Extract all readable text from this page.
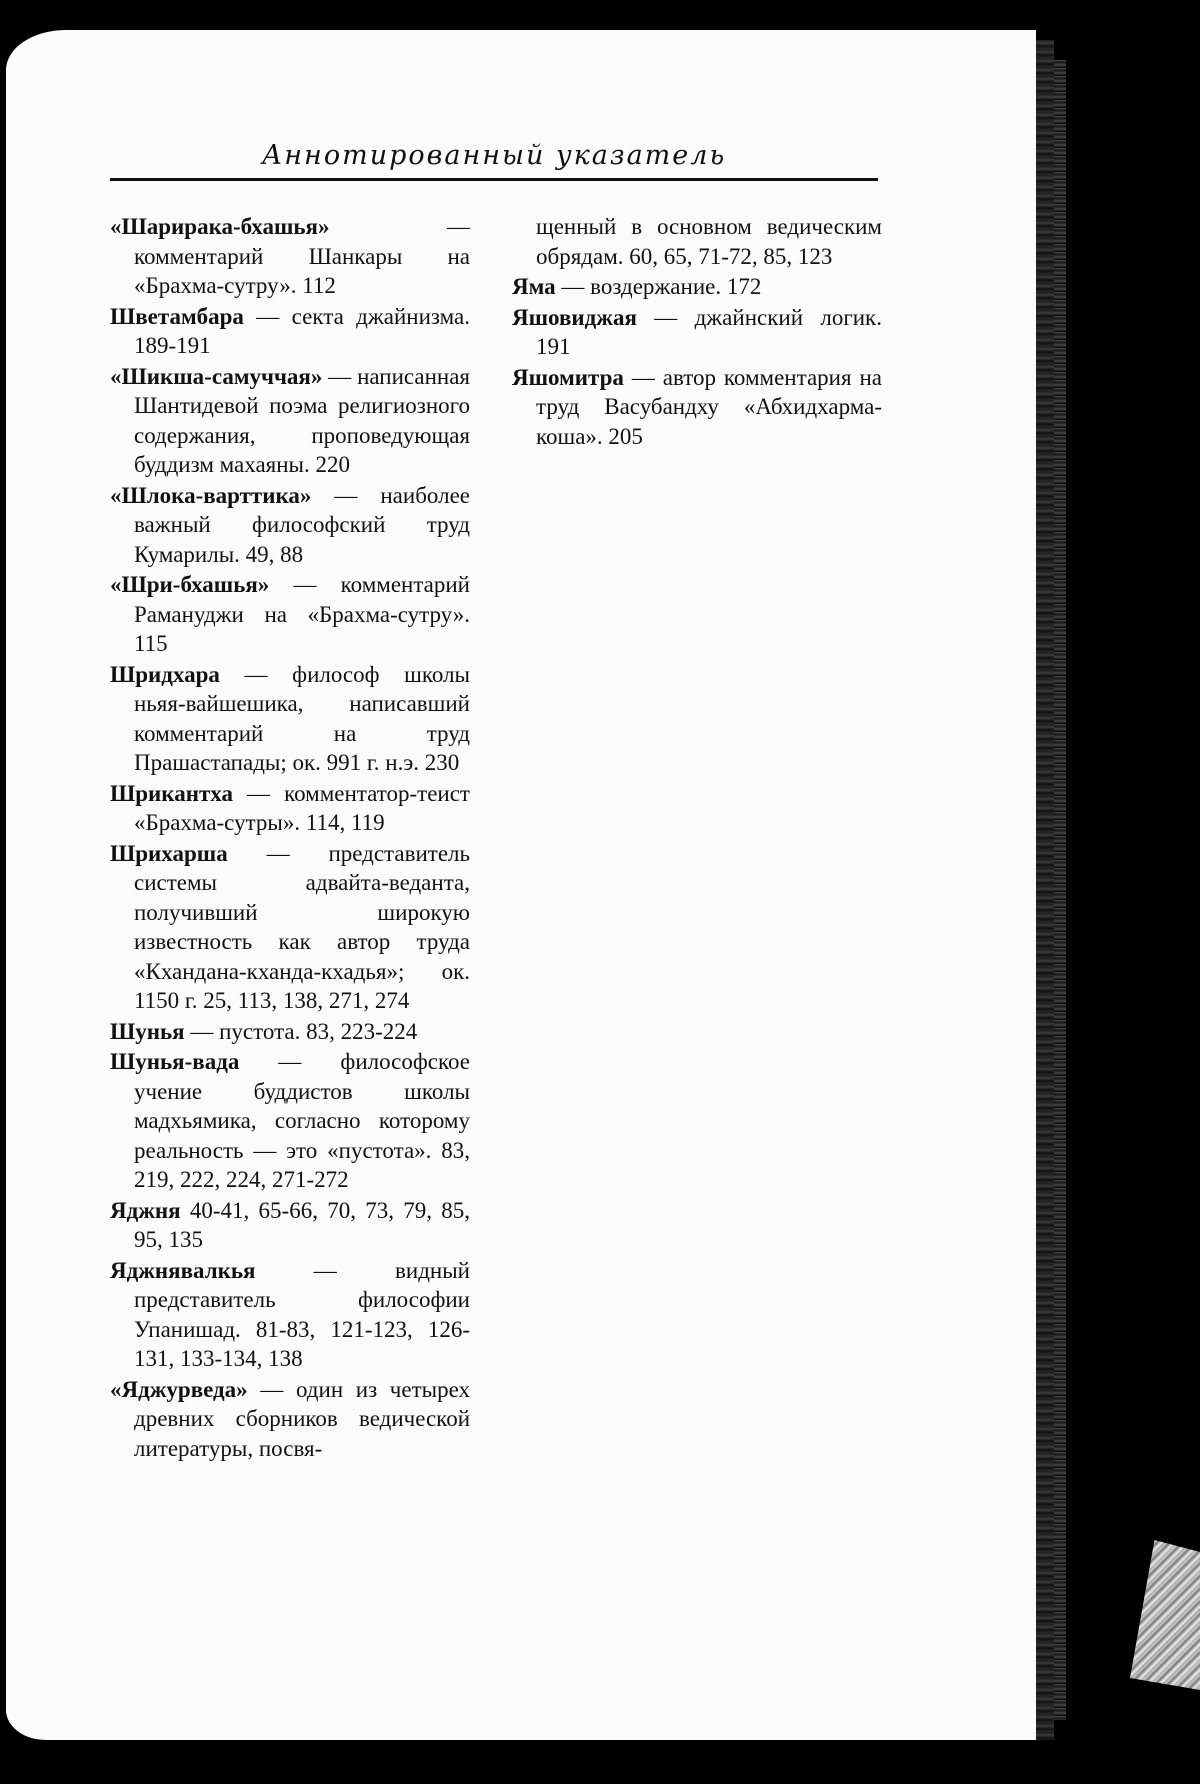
Аннотированный указатель

«Шарирака-бхашья» — комментарий Шанкары на «Брахма-сутру». 112

Шветамбара — секта джайнизма. 189-191

«Шикша-самуччая» — написанная Шантидевой поэма религиозного содержания, проповедующая буддизм махаяны. 220

«Шлока-варттика» — наиболее важный философский труд Кумарилы. 49, 88

«Шри-бхашья» — комментарий Рамануджи на «Брахма-сутру». 115

Шридхара — философ школы ньяя-вайшешика, написавший комментарий на труд Прашастапады; ок. 991 г. н.э. 230

Шрикантха — комментатор-теист «Брахма-сутры». 114, 119

Шрихарша — представитель системы адвайта-веданта, получивший широкую известность как автор труда «Кхандана-кханда-кхадья»; ок. 1150 г. 25, 113, 138, 271, 274

Шунья — пустота. 83, 223-224

Шунья-вада — философское учение буддистов школы мадхьямика, согласно которому реальность — это «пустота». 83, 219, 222, 224, 271-272

Яджня 40-41, 65-66, 70, 73, 79, 85, 95, 135

Яджнявалкья — видный представитель философии Упанишад. 81-83, 121-123, 126-131, 133-134, 138

«Яджурведа» — один из четырех древних сборников ведической литературы, посвя-

щенный в основном ведическим обрядам. 60, 65, 71-72, 85, 123

Яма — воздержание. 172

Яшовиджая — джайнский логик. 191

Яшомитра — автор комментария на труд Васубандху «Абхидхарма-коша». 205
